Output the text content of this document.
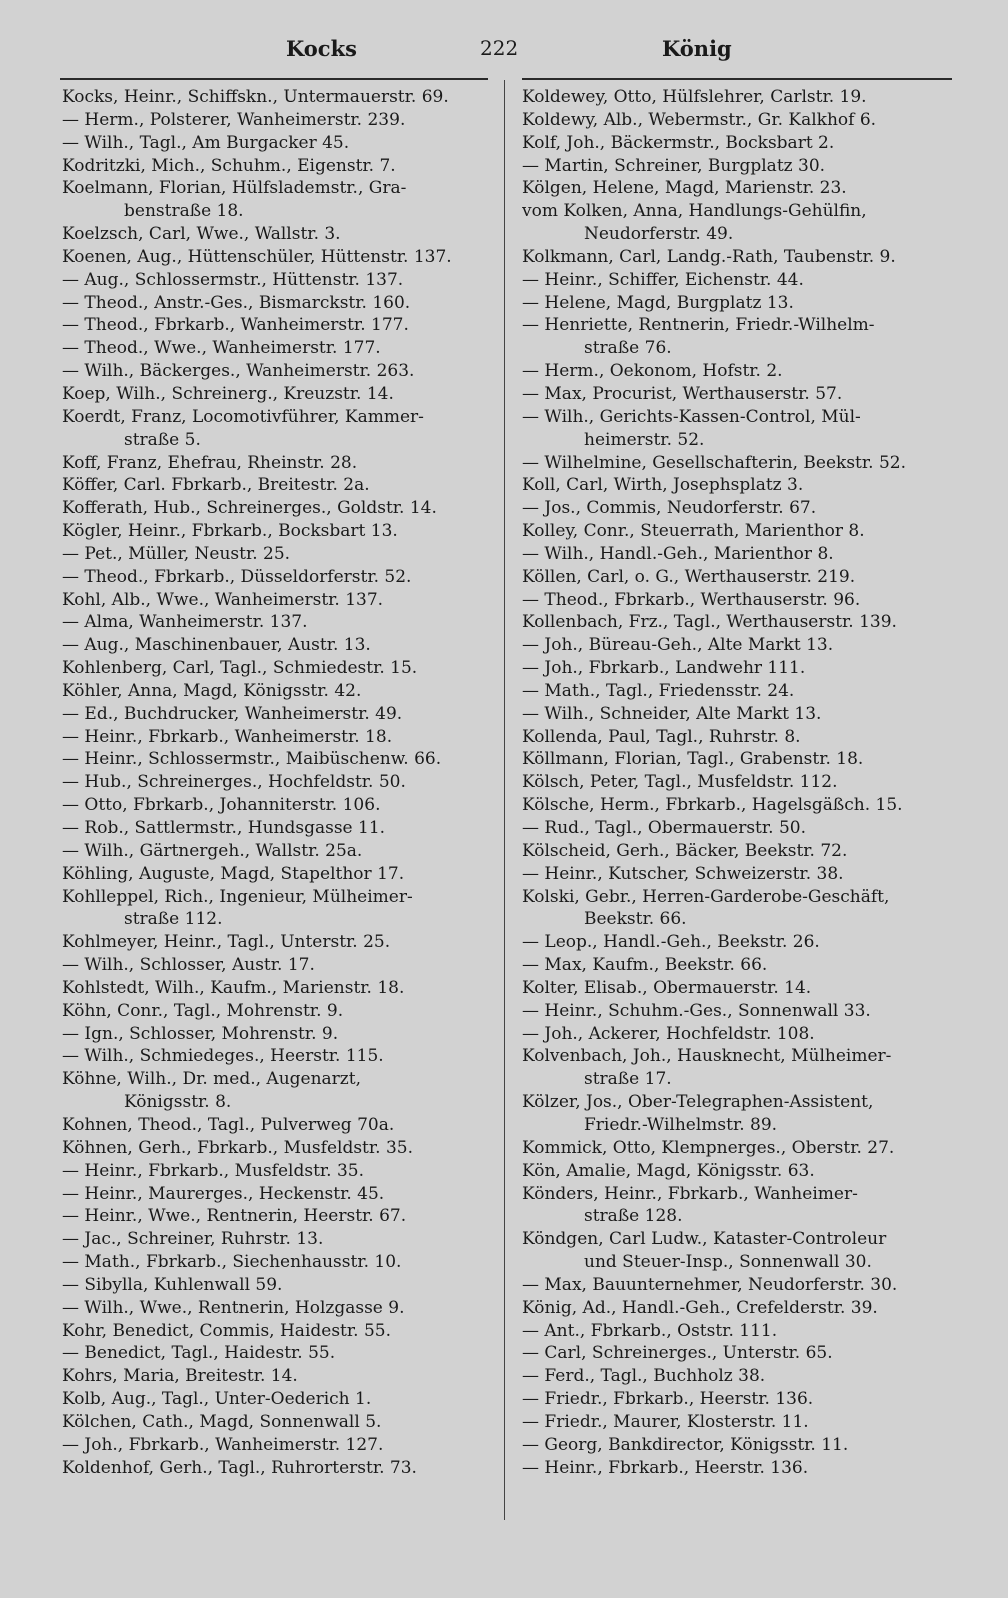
Kocks	222	König
Kocks, Heinr., Schiffskn., Untermauerstr. 69.
— Herm., Polsterer, Wanheimerstr. 239.
— Wilh., Tagl., Am Burgacker 45.
Kodritzki, Mich., Schuhm., Eigenstr. 7.
Koelmann, Florian, Hülfslademstr., Gra-
benstraße 18.
Koelzsch, Carl, Wwe., Wallstr. 3.
Koenen, Aug., Hüttenschüler, Hüttenstr. 137.
— Aug., Schlossermstr., Hüttenstr. 137.
— Theod., Anstr.-Ges., Bismarckstr. 160.
— Theod., Fbrkarb., Wanheimerstr. 177.
— Theod., Wwe., Wanheimerstr. 177.
— Wilh., Bäckerges., Wanheimerstr. 263.
Koep, Wilh., Schreinerg., Kreuzstr. 14.
Koerdt, Franz, Locomotivführer, Kammer-
straße 5.
Koff, Franz, Ehefrau, Rheinstr. 28.
Köffer, Carl. Fbrkarb., Breitestr. 2a.
Kofferath, Hub., Schreinerges., Goldstr. 14.
Kögler, Heinr., Fbrkarb., Bocksbart 13.
— Pet., Müller, Neustr. 25.
— Theod., Fbrkarb., Düsseldorferstr. 52.
Kohl, Alb., Wwe., Wanheimerstr. 137.
— Alma, Wanheimerstr. 137.
— Aug., Maschinenbauer, Austr. 13.
Kohlenberg, Carl, Tagl., Schmiedestr. 15.
Köhler, Anna, Magd, Königsstr. 42.
— Ed., Buchdrucker, Wanheimerstr. 49.
— Heinr., Fbrkarb., Wanheimerstr. 18.
— Heinr., Schlossermstr., Maibüschenw. 66.
— Hub., Schreinerges., Hochfeldstr. 50.
— Otto, Fbrkarb., Johanniterstr. 106.
— Rob., Sattlermstr., Hundsgasse 11.
— Wilh., Gärtnergeh., Wallstr. 25a.
Köhling, Auguste, Magd, Stapelthor 17.
Kohlleppel, Rich., Ingenieur, Mülheimer-
straße 112.
Kohlmeyer, Heinr., Tagl., Unterstr. 25.
— Wilh., Schlosser, Austr. 17.
Kohlstedt, Wilh., Kaufm., Marienstr. 18.
Köhn, Conr., Tagl., Mohrenstr. 9.
— Ign., Schlosser, Mohrenstr. 9.
— Wilh., Schmiedeges., Heerstr. 115.
Köhne, Wilh., Dr. med., Augenarzt,
Königsstr. 8.
Kohnen, Theod., Tagl., Pulverweg 70a.
Köhnen, Gerh., Fbrkarb., Musfeldstr. 35.
— Heinr., Fbrkarb., Musfeldstr. 35.
— Heinr., Maurerges., Heckenstr. 45.
— Heinr., Wwe., Rentnerin, Heerstr. 67.
— Jac., Schreiner, Ruhrstr. 13.
— Math., Fbrkarb., Siechenhausstr. 10.
— Sibylla, Kuhlenwall 59.
— Wilh., Wwe., Rentnerin, Holzgasse 9.
Kohr, Benedict, Commis, Haidestr. 55.
— Benedict, Tagl., Haidestr. 55.
Kohrs, Maria, Breitestr. 14.
Kolb, Aug., Tagl., Unter-Oederich 1.
Kölchen, Cath., Magd, Sonnenwall 5.
— Joh., Fbrkarb., Wanheimerstr. 127.
Koldenhof, Gerh., Tagl., Ruhrorterstr. 73.
Koldewey, Otto, Hülfslehrer, Carlstr. 19.
Koldewy, Alb., Webermstr., Gr. Kalkhof 6.
Kolf, Joh., Bäckermstr., Bocksbart 2.
— Martin, Schreiner, Burgplatz 30.
Kölgen, Helene, Magd, Marienstr. 23.
vom Kolken, Anna, Handlungs-Gehülfin,
Neudorferstr. 49.
Kolkmann, Carl, Landg.-Rath, Taubenstr. 9.
— Heinr., Schiffer, Eichenstr. 44.
— Helene, Magd, Burgplatz 13.
— Henriette, Rentnerin, Friedr.-Wilhelm-
straße 76.
— Herm., Oekonom, Hofstr. 2.
— Max, Procurist, Werthauserstr. 57.
— Wilh., Gerichts-Kassen-Control, Mül-
heimerstr. 52.
— Wilhelmine, Gesellschafterin, Beekstr. 52.
Koll, Carl, Wirth, Josephsplatz 3.
— Jos., Commis, Neudorferstr. 67.
Kolley, Conr., Steuerrath, Marienthor 8.
— Wilh., Handl.-Geh., Marienthor 8.
Köllen, Carl, o. G., Werthauserstr. 219.
— Theod., Fbrkarb., Werthauserstr. 96.
Kollenbach, Frz., Tagl., Werthauserstr. 139.
— Joh., Büreau-Geh., Alte Markt 13.
— Joh., Fbrkarb., Landwehr 111.
— Math., Tagl., Friedensstr. 24.
— Wilh., Schneider, Alte Markt 13.
Kollenda, Paul, Tagl., Ruhrstr. 8.
Köllmann, Florian, Tagl., Grabenstr. 18.
Kölsch, Peter, Tagl., Musfeldstr. 112.
Kölsche, Herm., Fbrkarb., Hagelsgäßch. 15.
— Rud., Tagl., Obermauerstr. 50.
Kölscheid, Gerh., Bäcker, Beekstr. 72.
— Heinr., Kutscher, Schweizerstr. 38.
Kolski, Gebr., Herren-Garderobe-Geschäft,
Beekstr. 66.
— Leop., Handl.-Geh., Beekstr. 26.
— Max, Kaufm., Beekstr. 66.
Kolter, Elisab., Obermauerstr. 14.
— Heinr., Schuhm.-Ges., Sonnenwall 33.
— Joh., Ackerer, Hochfeldstr. 108.
Kolvenbach, Joh., Hausknecht, Mülheimer-
straße 17.
Kölzer, Jos., Ober-Telegraphen-Assistent,
Friedr.-Wilhelmstr. 89.
Kommick, Otto, Klempnerges., Oberstr. 27.
Kön, Amalie, Magd, Königsstr. 63.
Könders, Heinr., Fbrkarb., Wanheimer-
straße 128.
Köndgen, Carl Ludw., Kataster-Controleur
und Steuer-Insp., Sonnenwall 30.
— Max, Bauunternehmer, Neudorferstr. 30.
König, Ad., Handl.-Geh., Crefelderstr. 39.
— Ant., Fbrkarb., Oststr. 111.
— Carl, Schreinerges., Unterstr. 65.
— Ferd., Tagl., Buchholz 38.
— Friedr., Fbrkarb., Heerstr. 136.
— Friedr., Maurer, Klosterstr. 11.
— Georg, Bankdirector, Königsstr. 11.
— Heinr., Fbrkarb., Heerstr. 136.
